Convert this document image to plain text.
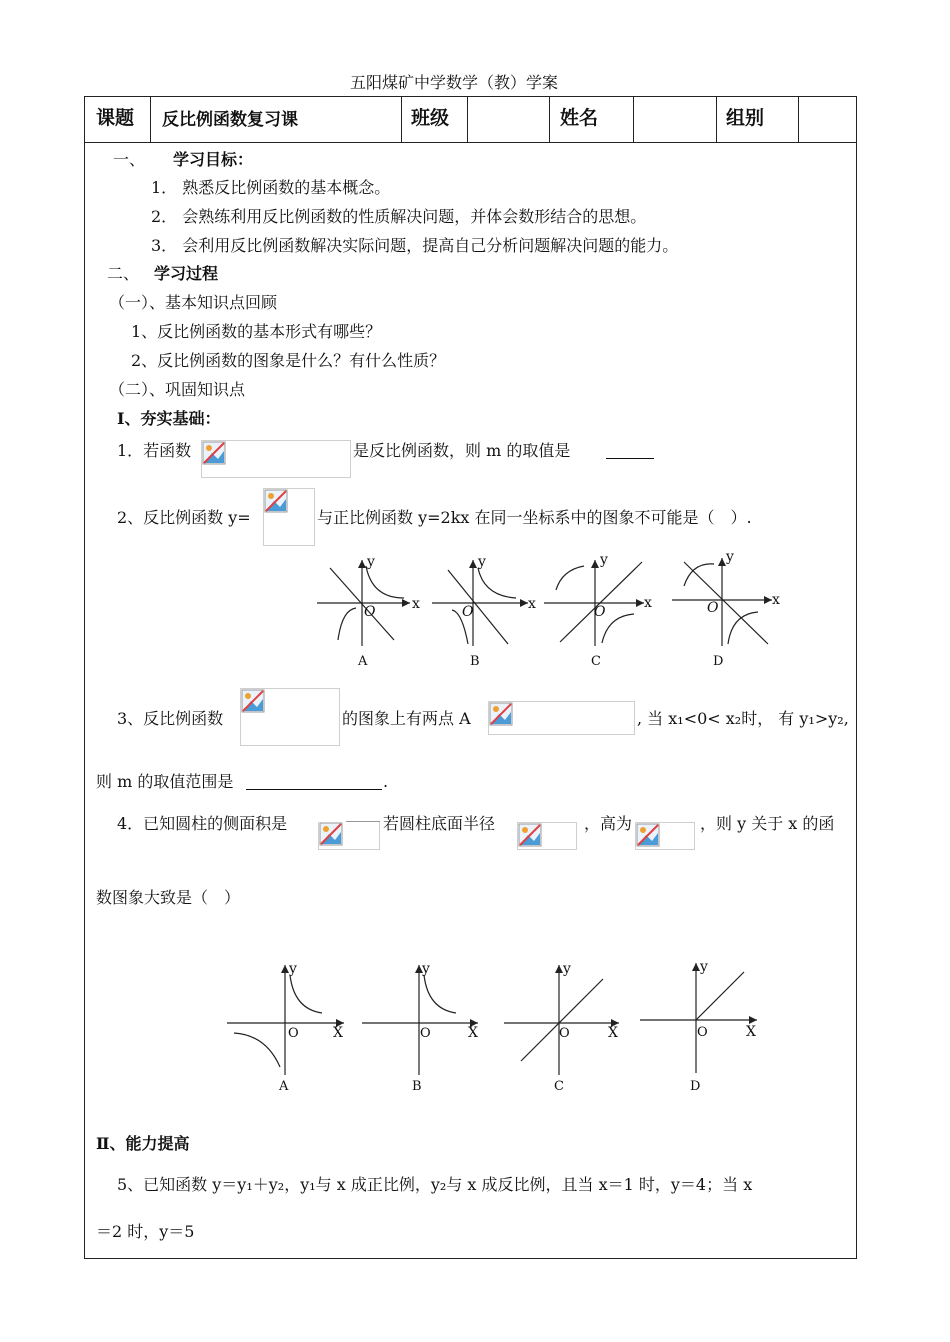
五阳煤矿中学数学（教）学案
课题 反比例函数复习课	班级	姓名	组别
一、 学习目标：
1． 熟悉反比例函数的基本概念。
2． 会熟练利用反比例函数的性质解决问题，并体会数形结合的思想。
3． 会利用反比例函数解决实际问题，提高自己分析问题解决问题的能力。
二、 学习过程
（一）、基本知识点回顾
1、反比例函数的基本形式有哪些？
2、反比例函数的图象是什么？有什么性质？
（二）、巩固知识点
Ⅰ、夯实基础：
1．若函数	是反比例函数，则 m 的取值是
2、反比例函数 y=	与正比例函数 y=2kx 在同一坐标系中的图象不可能是（　）.
y
x
O
A
y
x
O
B
y
x
O
C
y
x
O
D
3、反比例函数	的图象上有两点 A	, 当 x₁<0< x₂时， 有 y₁>y₂,
则 m 的取值范围是	.
4．已知圆柱的侧面积是	若圆柱底面半径	，高为	，则 y 关于 x 的函
数图象大致是（　）
y
X
O
A
y
X
O
B
y
X
O
C
y
X
O
D
Ⅱ、能力提高
5、已知函数 y＝y₁＋y₂，y₁与 x 成正比例，y₂与 x 成反比例，且当 x＝1 时，y＝4；当 x
＝2 时，y＝5
